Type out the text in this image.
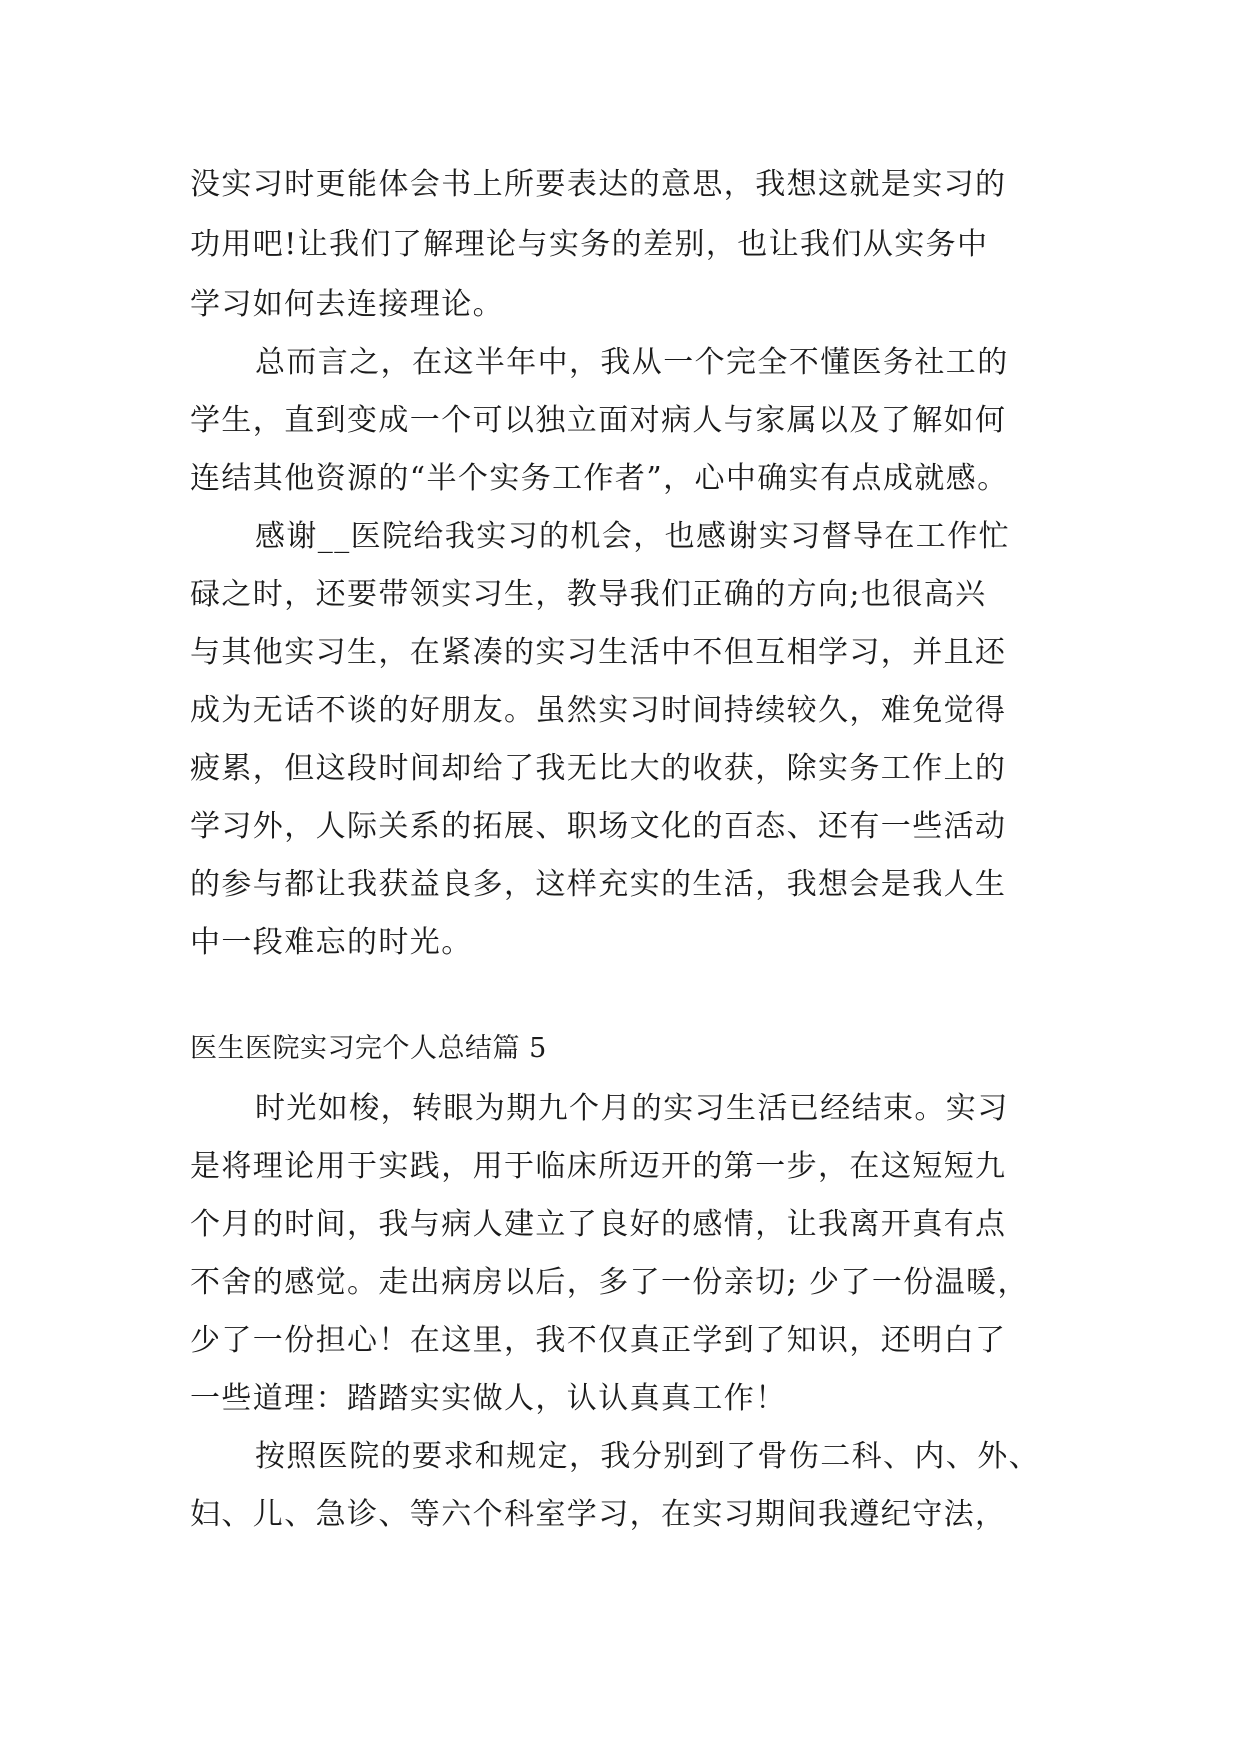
没实习时更能体会书上所要表达的意思，我想这就是实习的
功用吧!让我们了解理论与实务的差别，也让我们从实务中
学习如何去连接理论。
总而言之，在这半年中，我从一个完全不懂医务社工的
学生，直到变成一个可以独立面对病人与家属以及了解如何
连结其他资源的“半个实务工作者”，心中确实有点成就感。
感谢__医院给我实习的机会，也感谢实习督导在工作忙
碌之时，还要带领实习生，教导我们正确的方向;也很高兴
与其他实习生，在紧凑的实习生活中不但互相学习，并且还
成为无话不谈的好朋友。虽然实习时间持续较久，难免觉得
疲累，但这段时间却给了我无比大的收获，除实务工作上的
学习外，人际关系的拓展、职场文化的百态、还有一些活动
的参与都让我获益良多，这样充实的生活，我想会是我人生
中一段难忘的时光。
医生医院实习完个人总结篇 5
时光如梭，转眼为期九个月的实习生活已经结束。实习
是将理论用于实践，用于临床所迈开的第一步，在这短短九
个月的时间，我与病人建立了良好的感情，让我离开真有点
不舍的感觉。走出病房以后，多了一份亲切; 少了一份温暖，
少了一份担心！在这里，我不仅真正学到了知识，还明白了
一些道理：踏踏实实做人，认认真真工作！
按照医院的要求和规定，我分别到了骨伤二科、内、外、
妇、儿、急诊、等六个科室学习，在实习期间我遵纪守法，
